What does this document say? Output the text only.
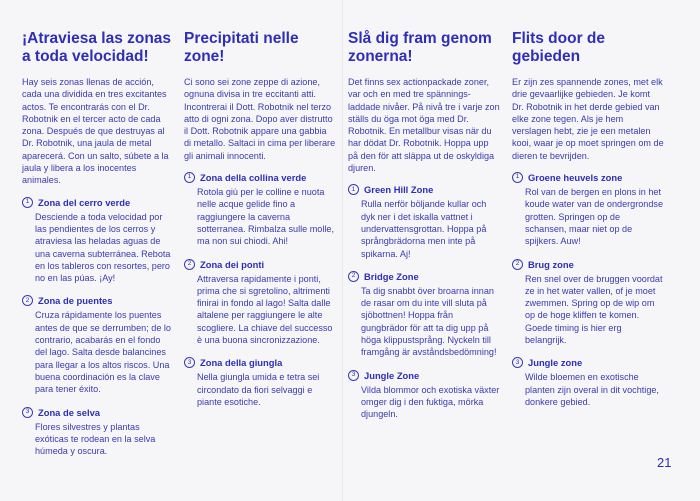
¡Atraviesa las zonas a toda velocidad!

Hay seis zonas llenas de acción, cada una dividida en tres excitantes actos. Te encontrarás con el Dr. Robotnik en el tercer acto de cada zona. Después de que destruyas al Dr. Robotnik, una jaula de metal aparecerá. Con un salto, súbete a la jaula y libera a los inocentes animales.

1 Zona del cerro verde

Desciende a toda velocidad por las pendientes de los cerros y atraviesa las heladas aguas de una caverna subterránea. Rebota en los tableros con resortes, pero no en las púas. ¡Ay!

2 Zona de puentes

Cruza rápidamente los puentes antes de que se derrumben; de lo contrario, acabarás en el fondo del lago. Salta desde balancines para llegar a los altos riscos. Una buena coordinación es la clave para tener éxito.

3 Zona de selva

Flores silvestres y plantas exóticas te rodean en la selva húmeda y oscura.

Precipitati nelle zone!

Ci sono sei zone zeppe di azione, ognuna divisa in tre eccitanti atti. Incontrerai il Dott. Robotnik nel terzo atto di ogni zona. Dopo aver distrutto il Dott. Robotnik appare una gabbia di metallo. Saltaci in cima per liberare gli animali innocenti.

1 Zona della collina verde

Rotola giù per le colline e nuota nelle acque gelide fino a raggiungere la caverna sotterranea. Rimbalza sulle molle, ma non sui chiodi. Ahi!

2 Zona dei ponti

Attraversa rapidamente i ponti, prima che si sgretolino, altrimenti finirai in fondo al lago! Salta dalle altalene per raggiungere le alte scogliere. La chiave del successo è una buona sincronizzazione.

3 Zona della giungla

Nella giungla umida e tetra sei circondato da fiori selvaggi e piante esotiche.

Slå dig fram genom zonerna!

Det finns sex actionpackade zoner, var och en med tre spännings-laddade nivåer. På nivå tre i varje zon ställs du öga mot öga med Dr. Robotnik. En metallbur visas när du har dödat Dr. Robotnik. Hoppa upp på den för att släppa ut de oskyldiga djuren.

1 Green Hill Zone

Rulla nerför böljande kullar och dyk ner i det iskalla vattnet i undervattensgrottan. Hoppa på språngbrädorna men inte på spikarna. Aj!

2 Bridge Zone

Ta dig snabbt över broarna innan de rasar om du inte vill sluta på sjöbottnen! Hoppa från gungbrädor för att ta dig upp på höga klippustsprång. Nyckeln till framgång är avståndsbedömning!

3 Jungle Zone

Vilda blommor och exotiska växter omger dig i den fuktiga, mörka djungeln.

Flits door de gebieden

Er zijn zes spannende zones, met elk drie gevaarlijke gebieden. Je komt Dr. Robotnik in het derde gebied van elke zone tegen. Als je hem verslagen hebt, zie je een metalen kooi, waar je op moet springen om de dieren te bevrijden.

1 Groene heuvels zone

Rol van de bergen en plons in het koude water van de ondergrondse grotten. Springen op de schansen, maar niet op de spijkers. Auw!

2 Brug zone

Ren snel over de bruggen voordat ze in het water vallen, of je moet zwemmen. Spring op de wip om op de hoge kliffen te komen. Goede timing is hier erg belangrijk.

3 Jungle zone

Wilde bloemen en exotische planten zijn overal in dit vochtige, donkere gebied.

21
